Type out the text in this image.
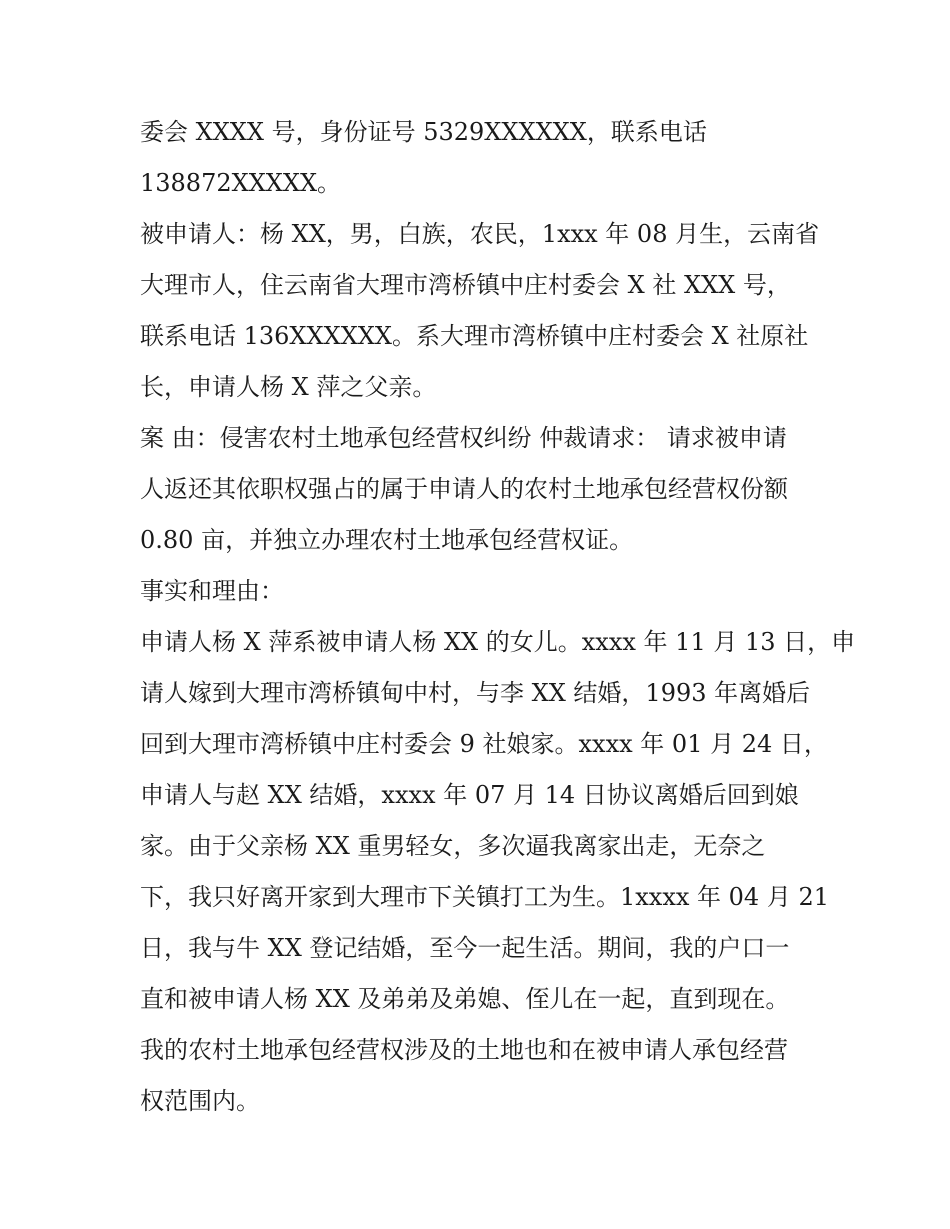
委会 XXXX 号，身份证号 5329XXXXXX，联系电话
138872XXXXX。
被申请人：杨 XX，男，白族，农民，1xxx 年 08 月生，云南省
大理市人，住云南省大理市湾桥镇中庄村委会 X 社 XXX 号，
联系电话 136XXXXXX。系大理市湾桥镇中庄村委会 X 社原社
长，申请人杨 X 萍之父亲。
案 由：侵害农村土地承包经营权纠纷 仲裁请求： 请求被申请
人返还其依职权强占的属于申请人的农村土地承包经营权份额
0.80 亩，并独立办理农村土地承包经营权证。
事实和理由：
申请人杨 X 萍系被申请人杨 XX 的女儿。xxxx 年 11 月 13 日，申
请人嫁到大理市湾桥镇甸中村，与李 XX 结婚，1993 年离婚后
回到大理市湾桥镇中庄村委会 9 社娘家。xxxx 年 01 月 24 日，
申请人与赵 XX 结婚，xxxx 年 07 月 14 日协议离婚后回到娘
家。由于父亲杨 XX 重男轻女，多次逼我离家出走，无奈之
下，我只好离开家到大理市下关镇打工为生。1xxxx 年 04 月 21
日，我与牛 XX 登记结婚，至今一起生活。期间，我的户口一
直和被申请人杨 XX 及弟弟及弟媳、侄儿在一起，直到现在。
我的农村土地承包经营权涉及的土地也和在被申请人承包经营
权范围内。
